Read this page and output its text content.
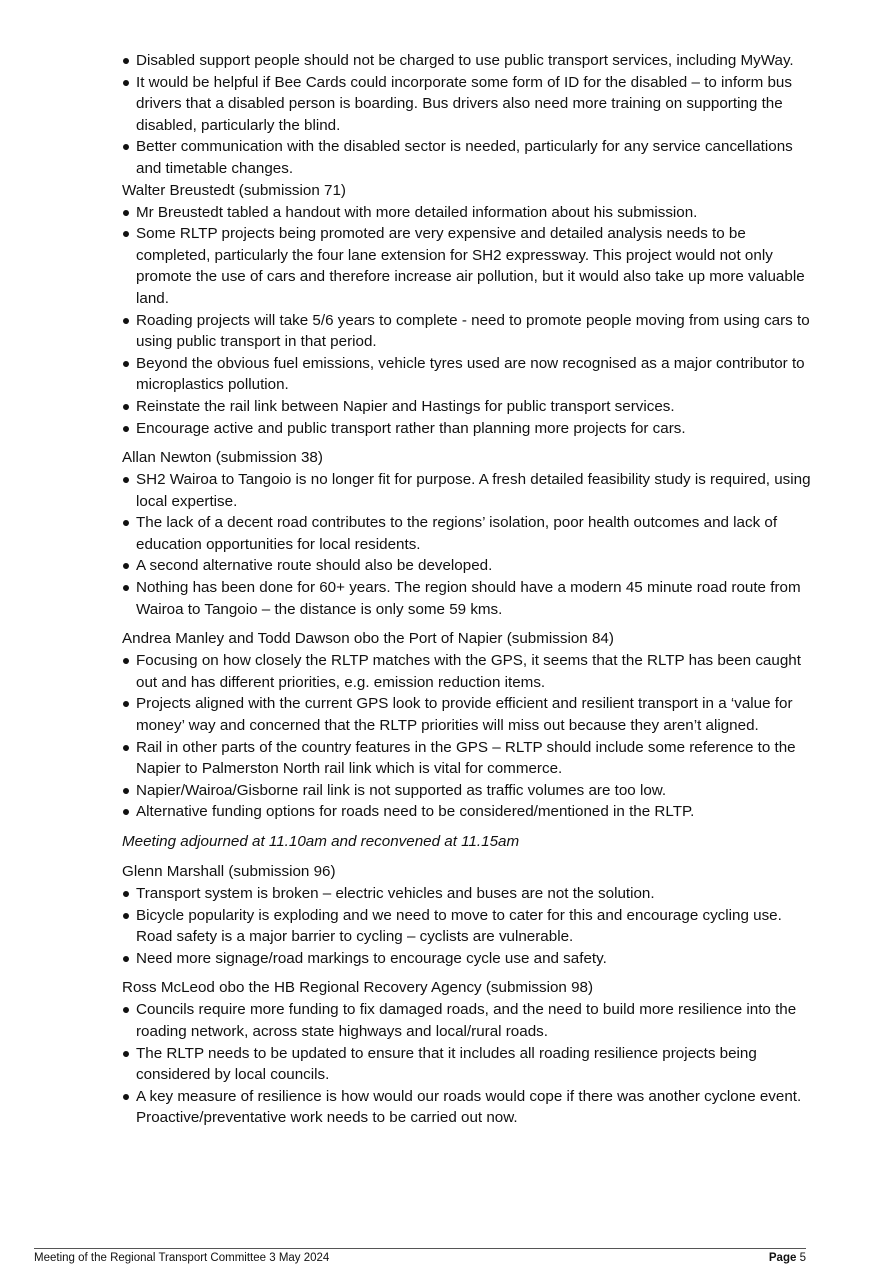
Disabled support people should not be charged to use public transport services, including MyWay.
It would be helpful if Bee Cards could incorporate some form of ID for the disabled – to inform bus drivers that a disabled person is boarding. Bus drivers also need more training on supporting the disabled, particularly the blind.
Better communication with the disabled sector is needed, particularly for any service cancellations and timetable changes.

Walter Breustedt (submission 71)

Mr Breustedt tabled a handout with more detailed information about his submission.
Some RLTP projects being promoted are very expensive and detailed analysis needs to be completed, particularly the four lane extension for SH2 expressway. This project would not only promote the use of cars and therefore increase air pollution, but it would also take up more valuable land.
Roading projects will take 5/6 years to complete - need to promote people moving from using cars to using public transport in that period.
Beyond the obvious fuel emissions, vehicle tyres used are now recognised as a major contributor to microplastics pollution.
Reinstate the rail link between Napier and Hastings for public transport services.
Encourage active and public transport rather than planning more projects for cars.

Allan Newton (submission 38)

SH2 Wairoa to Tangoio is no longer fit for purpose. A fresh detailed feasibility study is required, using local expertise.
The lack of a decent road contributes to the regions’ isolation, poor health outcomes and lack of education opportunities for local residents.
A second alternative route should also be developed.
Nothing has been done for 60+ years. The region should have a modern 45 minute road route from Wairoa to Tangoio – the distance is only some 59 kms.

Andrea Manley and Todd Dawson obo the Port of Napier (submission 84)

Focusing on how closely the RLTP matches with the GPS, it seems that the RLTP has been caught out and has different priorities, e.g. emission reduction items.
Projects aligned with the current GPS look to provide efficient and resilient transport in a ‘value for money’ way and concerned that the RLTP priorities will miss out because they aren’t aligned.
Rail in other parts of the country features in the GPS – RLTP should include some reference to the Napier to Palmerston North rail link which is vital for commerce.
Napier/Wairoa/Gisborne rail link is not supported as traffic volumes are too low.
Alternative funding options for roads need to be considered/mentioned in the RLTP.

Meeting adjourned at 11.10am and reconvened at 11.15am

Glenn Marshall (submission 96)

Transport system is broken – electric vehicles and buses are not the solution.
Bicycle popularity is exploding and we need to move to cater for this and encourage cycling use. Road safety is a major barrier to cycling – cyclists are vulnerable.
Need more signage/road markings to encourage cycle use and safety.

Ross McLeod obo the HB Regional Recovery Agency (submission 98)

Councils require more funding to fix damaged roads, and the need to build more resilience into the roading network, across state highways and local/rural roads.
The RLTP needs to be updated to ensure that it includes all roading resilience projects being considered by local councils.
A key measure of resilience is how would our roads would cope if there was another cyclone event. Proactive/preventative work needs to be carried out now.
Meeting of the Regional Transport Committee 3 May 2024	Page 5
